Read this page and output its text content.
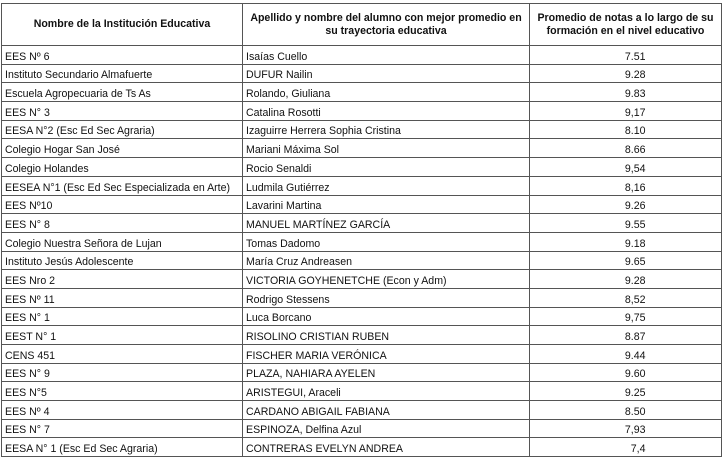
Nombre de la Institución Educativa	Apellido y nombre del alumno con mejor promedio en su trayectoria educativa	Promedio de notas a lo largo de su formación en el nivel educativo
EES Nº 6	Isaías Cuello	7.51
Instituto Secundario Almafuerte	DUFUR Nailin	9.28
Escuela Agropecuaria de Ts As	Rolando, Giuliana	9.83
EES N° 3	Catalina Rosotti	9,17
EESA N°2 (Esc Ed Sec Agraria)	Izaguirre Herrera Sophia Cristina	8.10
Colegio Hogar San José	Mariani Máxima Sol	8.66
Colegio Holandes	Rocio Senaldi	9,54
EESEA N°1 (Esc Ed Sec Especializada en Arte)	Ludmila Gutiérrez	8,16
EES Nº10	Lavarini Martina	9.26
EES N° 8	MANUEL MARTÍNEZ GARCÍA	9.55
Colegio Nuestra Señora de Lujan	Tomas Dadomo	9.18
Instituto Jesús Adolescente	María Cruz Andreasen	9.65
EES Nro 2	VICTORIA GOYHENETCHE (Econ y Adm)	9.28
EES Nº 11	Rodrigo Stessens	8,52
EES N° 1	Luca Borcano	9,75
EEST N° 1	RISOLINO CRISTIAN RUBEN	8.87
CENS 451	FISCHER MARIA VERÓNICA	9.44
EES N° 9	PLAZA, NAHIARA AYELEN	9.60
EES N°5	ARISTEGUI, Araceli	9.25
EES Nº 4	CARDANO ABIGAIL FABIANA	8.50
EES N° 7	ESPINOZA, Delfina Azul	7,93
EESA N° 1 (Esc Ed Sec Agraria)	CONTRERAS EVELYN ANDREA	7,4
